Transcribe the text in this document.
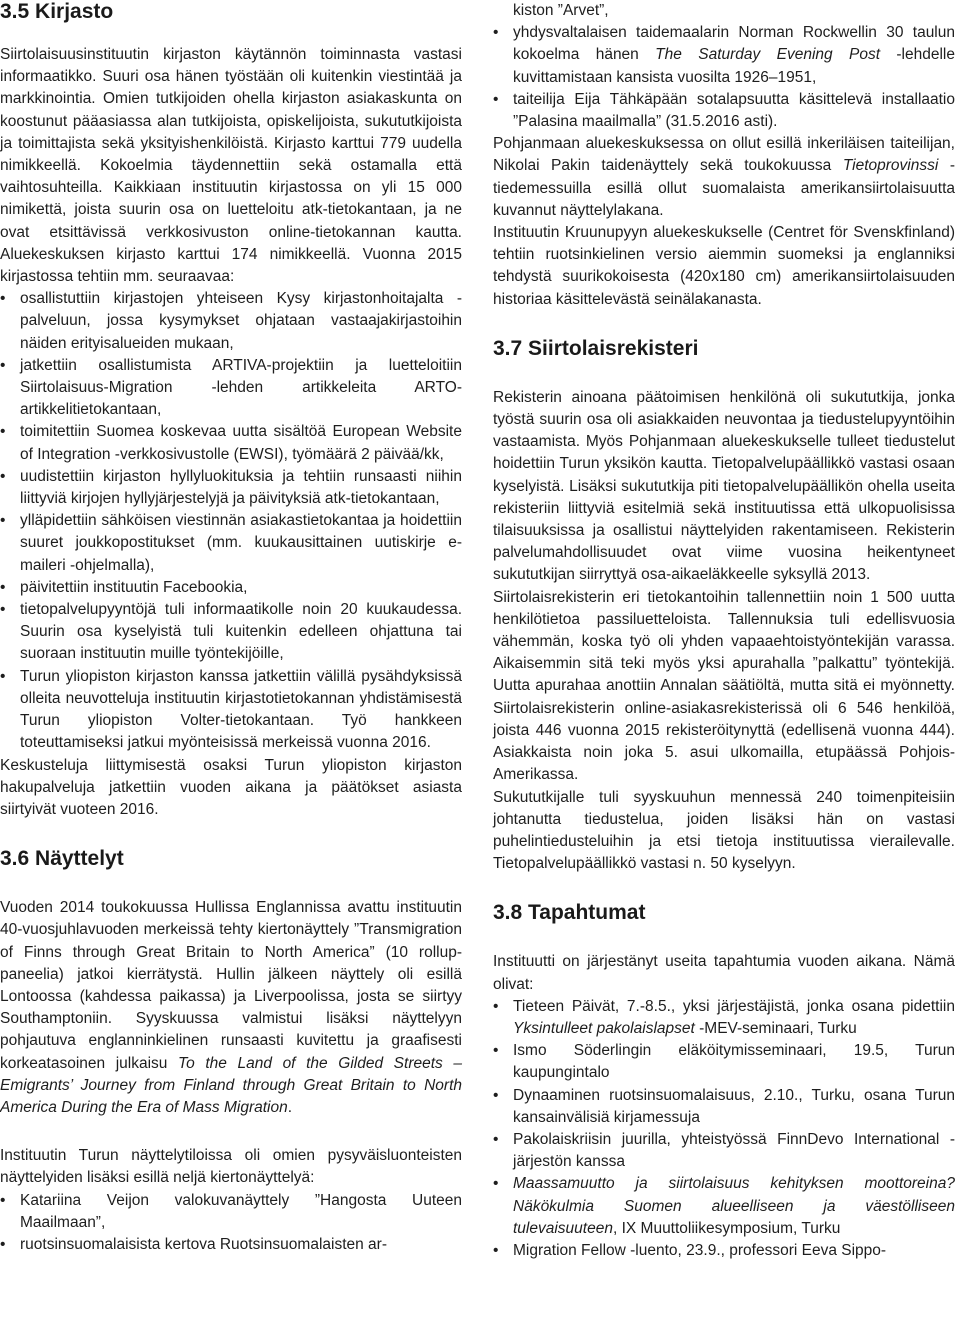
3.5 Kirjasto

Siirtolaisuusinstituutin kirjaston käytännön toiminnasta vastasi informaatikko. Suuri osa hänen työstään oli kuitenkin viestintää ja markkinointia. Omien tutkijoiden ohella kirjaston asiakaskunta on koostunut pääasiassa alan tutkijoista, opiskelijoista, sukututkijoista ja toimittajista sekä yksityishenkilöistä. Kirjasto karttui 779 uudella nimikkeellä. Kokoelmia täydennettiin sekä ostamalla että vaihtosuhteilla. Kaikkiaan instituutin kirjastossa on yli 15 000 nimikettä, joista suurin osa on luetteloitu atk-tietokantaan, ja ne ovat etsittävissä verkkosivuston online-tietokannan kautta. Aluekeskuksen kirjasto karttui 174 nimikkeellä. Vuonna 2015 kirjastossa tehtiin mm. seuraavaa:

• osallistuttiin kirjastojen yhteiseen Kysy kirjastonhoitajalta -palveluun, jossa kysymykset ohjataan vastaajakirjastoihin näiden erityisalueiden mukaan,
• jatkettiin osallistumista ARTIVA-projektiin ja luetteloitiin Siirtolaisuus-Migration -lehden artikkeleita ARTO-artikkelitietokantaan,
• toimitettiin Suomea koskevaa uutta sisältöä European Website of Integration -verkkosivustolle (EWSI), työmäärä 2 päivää/kk,
• uudistettiin kirjaston hyllyluokituksia ja tehtiin runsaasti niihin liittyviä kirjojen hyllyjärjestelyjä ja päivityksiä atk-tietokantaan,
• ylläpidettiin sähköisen viestinnän asiakastietokantaa ja hoidettiin suuret joukkopostitukset (mm. kuukausittainen uutiskirje e-maileri -ohjelmalla),
• päivitettiin instituutin Facebookia,
• tietopalvelupyyntöjä tuli informaatikolle noin 20 kuukaudessa. Suurin osa kyselyistä tuli kuitenkin edelleen ohjattuna tai suoraan instituutin muille työntekijöille,
• Turun yliopiston kirjaston kanssa jatkettiin välillä pysähdyksissä olleita neuvotteluja instituutin kirjastotietokannan yhdistämisestä Turun yliopiston Volter-tietokantaan. Työ hankkeen toteuttamiseksi jatkui myönteisissä merkeissä vuonna 2016.

Keskusteluja liittymisestä osaksi Turun yliopiston kirjaston hakupalveluja jatkettiin vuoden aikana ja päätökset asiasta siirtyivät vuoteen 2016.

3.6 Näyttelyt

Vuoden 2014 toukokuussa Hullissa Englannissa avattu instituutin 40-vuosjuhlavuoden merkeissä tehty kiertonäyttely ”Transmigration of Finns through Great Britain to North America” (10 rollup-paneelia) jatkoi kierrätystä. Hullin jälkeen näyttely oli esillä Lontoossa (kahdessa paikassa) ja Liverpoolissa, josta se siirtyy Southamptoniin. Syyskuussa valmistui lisäksi näyttelyyn pohjautuva englanninkielinen runsaasti kuvitettu ja graafisesti korkeatasoinen julkaisu To the Land of the Gilded Streets – Emigrants’ Journey from Finland through Great Britain to North America During the Era of Mass Migration.

Instituutin Turun näyttelytiloissa oli omien pysyväisluonteisten näyttelyiden lisäksi esillä neljä kiertonäyttelyä:

• Katariina Veijon valokuvanäyttely ”Hangosta Uuteen Maailmaan”,
• ruotsinsuomalaisista kertova Ruotsinsuomalaisten ar-

kiston ”Arvet”,

• yhdysvaltalaisen taidemaalarin Norman Rockwellin 30 taulun kokoelma hänen The Saturday Evening Post -lehdelle kuvittamistaan kansista vuosilta 1926–1951,
• taiteilija Eija Tähkäpään sotalapsuutta käsittelevä installaatio ”Palasina maailmalla” (31.5.2016 asti).

Pohjanmaan aluekeskuksessa on ollut esillä inkeriläisen taiteilijan, Nikolai Pakin taidenäyttely sekä toukokuussa Tietoprovinssi -tiedemessuilla esillä ollut suomalaista amerikansiirtolaisuutta kuvannut näyttelylakana.

Instituutin Kruunupyyn aluekeskukselle (Centret för Svenskfinland) tehtiin ruotsinkielinen versio aiemmin suomeksi ja englanniksi tehdystä suurikokoisesta (420x180 cm) amerikansiirtolaisuuden historiaa käsittelevästä seinälakanasta.

3.7 Siirtolaisrekisteri

Rekisterin ainoana päätoimisen henkilönä oli sukututkija, jonka työstä suurin osa oli asiakkaiden neuvontaa ja tiedustelupyyntöihin vastaamista. Myös Pohjanmaan aluekeskukselle tulleet tiedustelut hoidettiin Turun yksikön kautta. Tietopalvelupäällikkö vastasi osaan kyselyistä. Lisäksi sukututkija piti tietopalvelupäällikön ohella useita rekisteriin liittyviä esitelmiä sekä instituutissa että ulkopuolisissa tilaisuuksissa ja osallistui näyttelyiden rakentamiseen. Rekisterin palvelumahdollisuudet ovat viime vuosina heikentyneet sukututkijan siirryttyä osa-aikaeläkkeelle syksyllä 2013.

Siirtolaisrekisterin eri tietokantoihin tallennettiin noin 1 500 uutta henkilötietoa passiluetteloista. Tallennuksia tuli edellisvuosia vähemmän, koska työ oli yhden vapaaehtoistyöntekijän varassa. Aikaisemmin sitä teki myös yksi apurahalla ”palkattu” työntekijä. Uutta apurahaa anottiin Annalan säätiöltä, mutta sitä ei myönnetty. Siirtolaisrekisterin online-asiakasrekisterissä oli 6 546 henkilöä, joista 446 vuonna 2015 rekisteröitynyttä (edellisenä vuonna 444). Asiakkaista noin joka 5. asui ulkomailla, etupäässä Pohjois-Amerikassa.

Sukututkijalle tuli syyskuuhun mennessä 240 toimenpiteisiin johtanutta tiedustelua, joiden lisäksi hän on vastasi puhelintiedusteluihin ja etsi tietoja instituutissa vierailevalle. Tietopalvelupäällikkö vastasi n. 50 kyselyyn.

3.8 Tapahtumat

Instituutti on järjestänyt useita tapahtumia vuoden aikana. Nämä olivat:

• Tieteen Päivät, 7.-8.5., yksi järjestäjistä, jonka osana pidettiin Yksintulleet pakolaislapset -MEV-seminaari, Turku
• Ismo Söderlingin eläköitymisseminaari, 19.5, Turun kaupungintalo
• Dynaaminen ruotsinsuomalaisuus, 2.10., Turku, osana Turun kansainvälisiä kirjamessuja
• Pakolaiskriisin juurilla, yhteistyössä FinnDevo International -järjestön kanssa
• Maassamuutto ja siirtolaisuus kehityksen moottoreina? Näkökulmia Suomen alueelliseen ja väestölliseen tulevaisuuteen, IX Muuttoliikesymposium, Turku
• Migration Fellow -luento, 23.9., professori Eeva Sippo-
